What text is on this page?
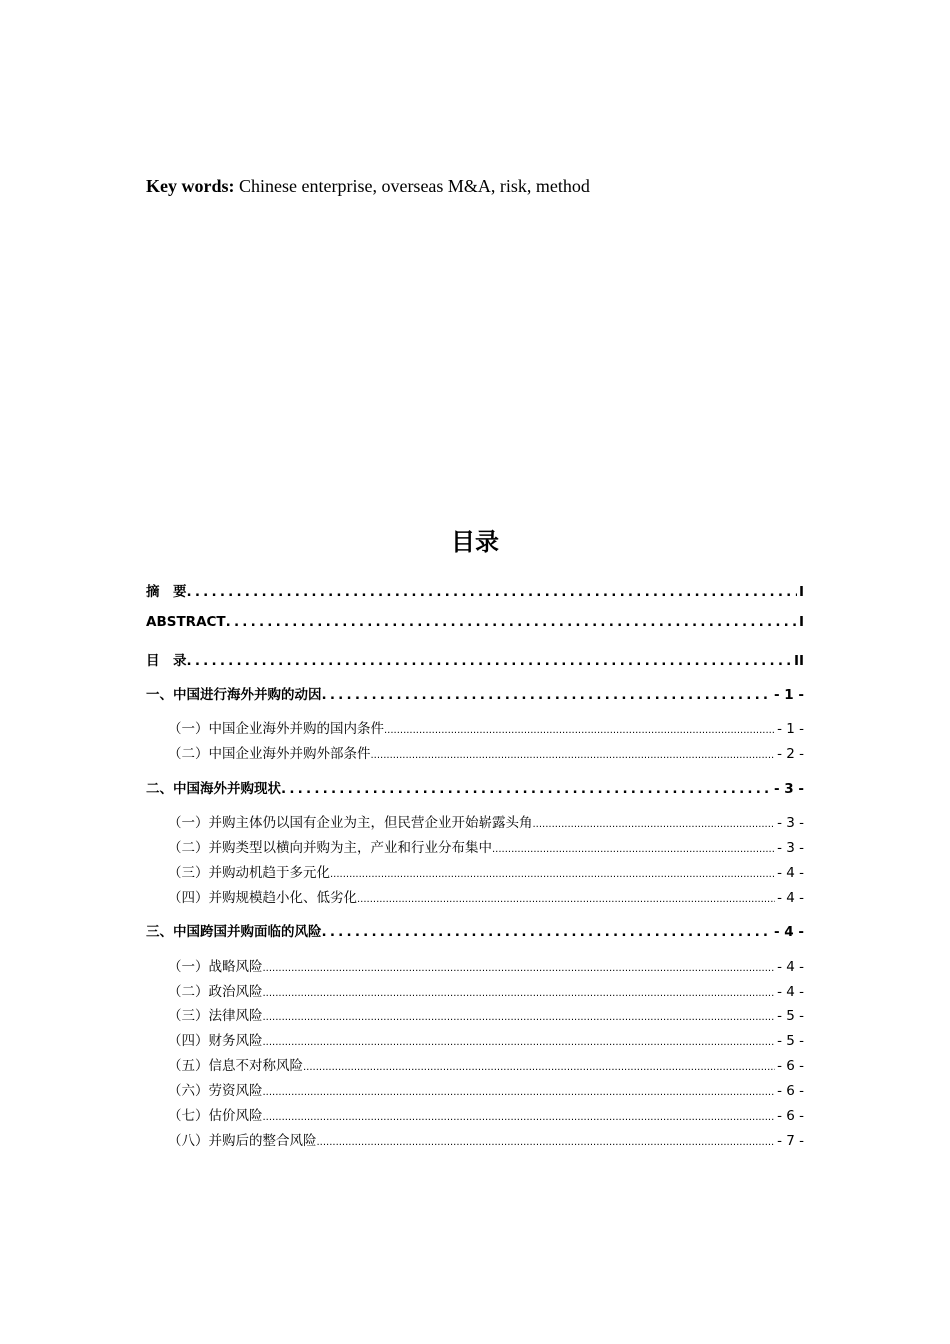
Key words: Chinese enterprise, overseas M&A, risk, method
目录
摘　要 .....	I
ABSTRACT .....	I
目　录 .....	II
一、中国进行海外并购的动因 .....	- 1 -
（一）中国企业海外并购的国内条件 .....	- 1 -
（二）中国企业海外并购外部条件 .....	- 2 -
二、中国海外并购现状 .....	- 3 -
（一）并购主体仍以国有企业为主，但民营企业开始崭露头角 .....	- 3 -
（二）并购类型以横向并购为主，产业和行业分布集中 .....	- 3 -
（三）并购动机趋于多元化 .....	- 4 -
（四）并购规模趋小化、低劣化 .....	- 4 -
三、中国跨国并购面临的风险 .....	- 4 -
（一）战略风险 .....	- 4 -
（二）政治风险 .....	- 4 -
（三）法律风险 .....	- 5 -
（四）财务风险 .....	- 5 -
（五）信息不对称风险 .....	- 6 -
（六）劳资风险 .....	- 6 -
（七）估价风险 .....	- 6 -
（八）并购后的整合风险 .....	- 7 -
